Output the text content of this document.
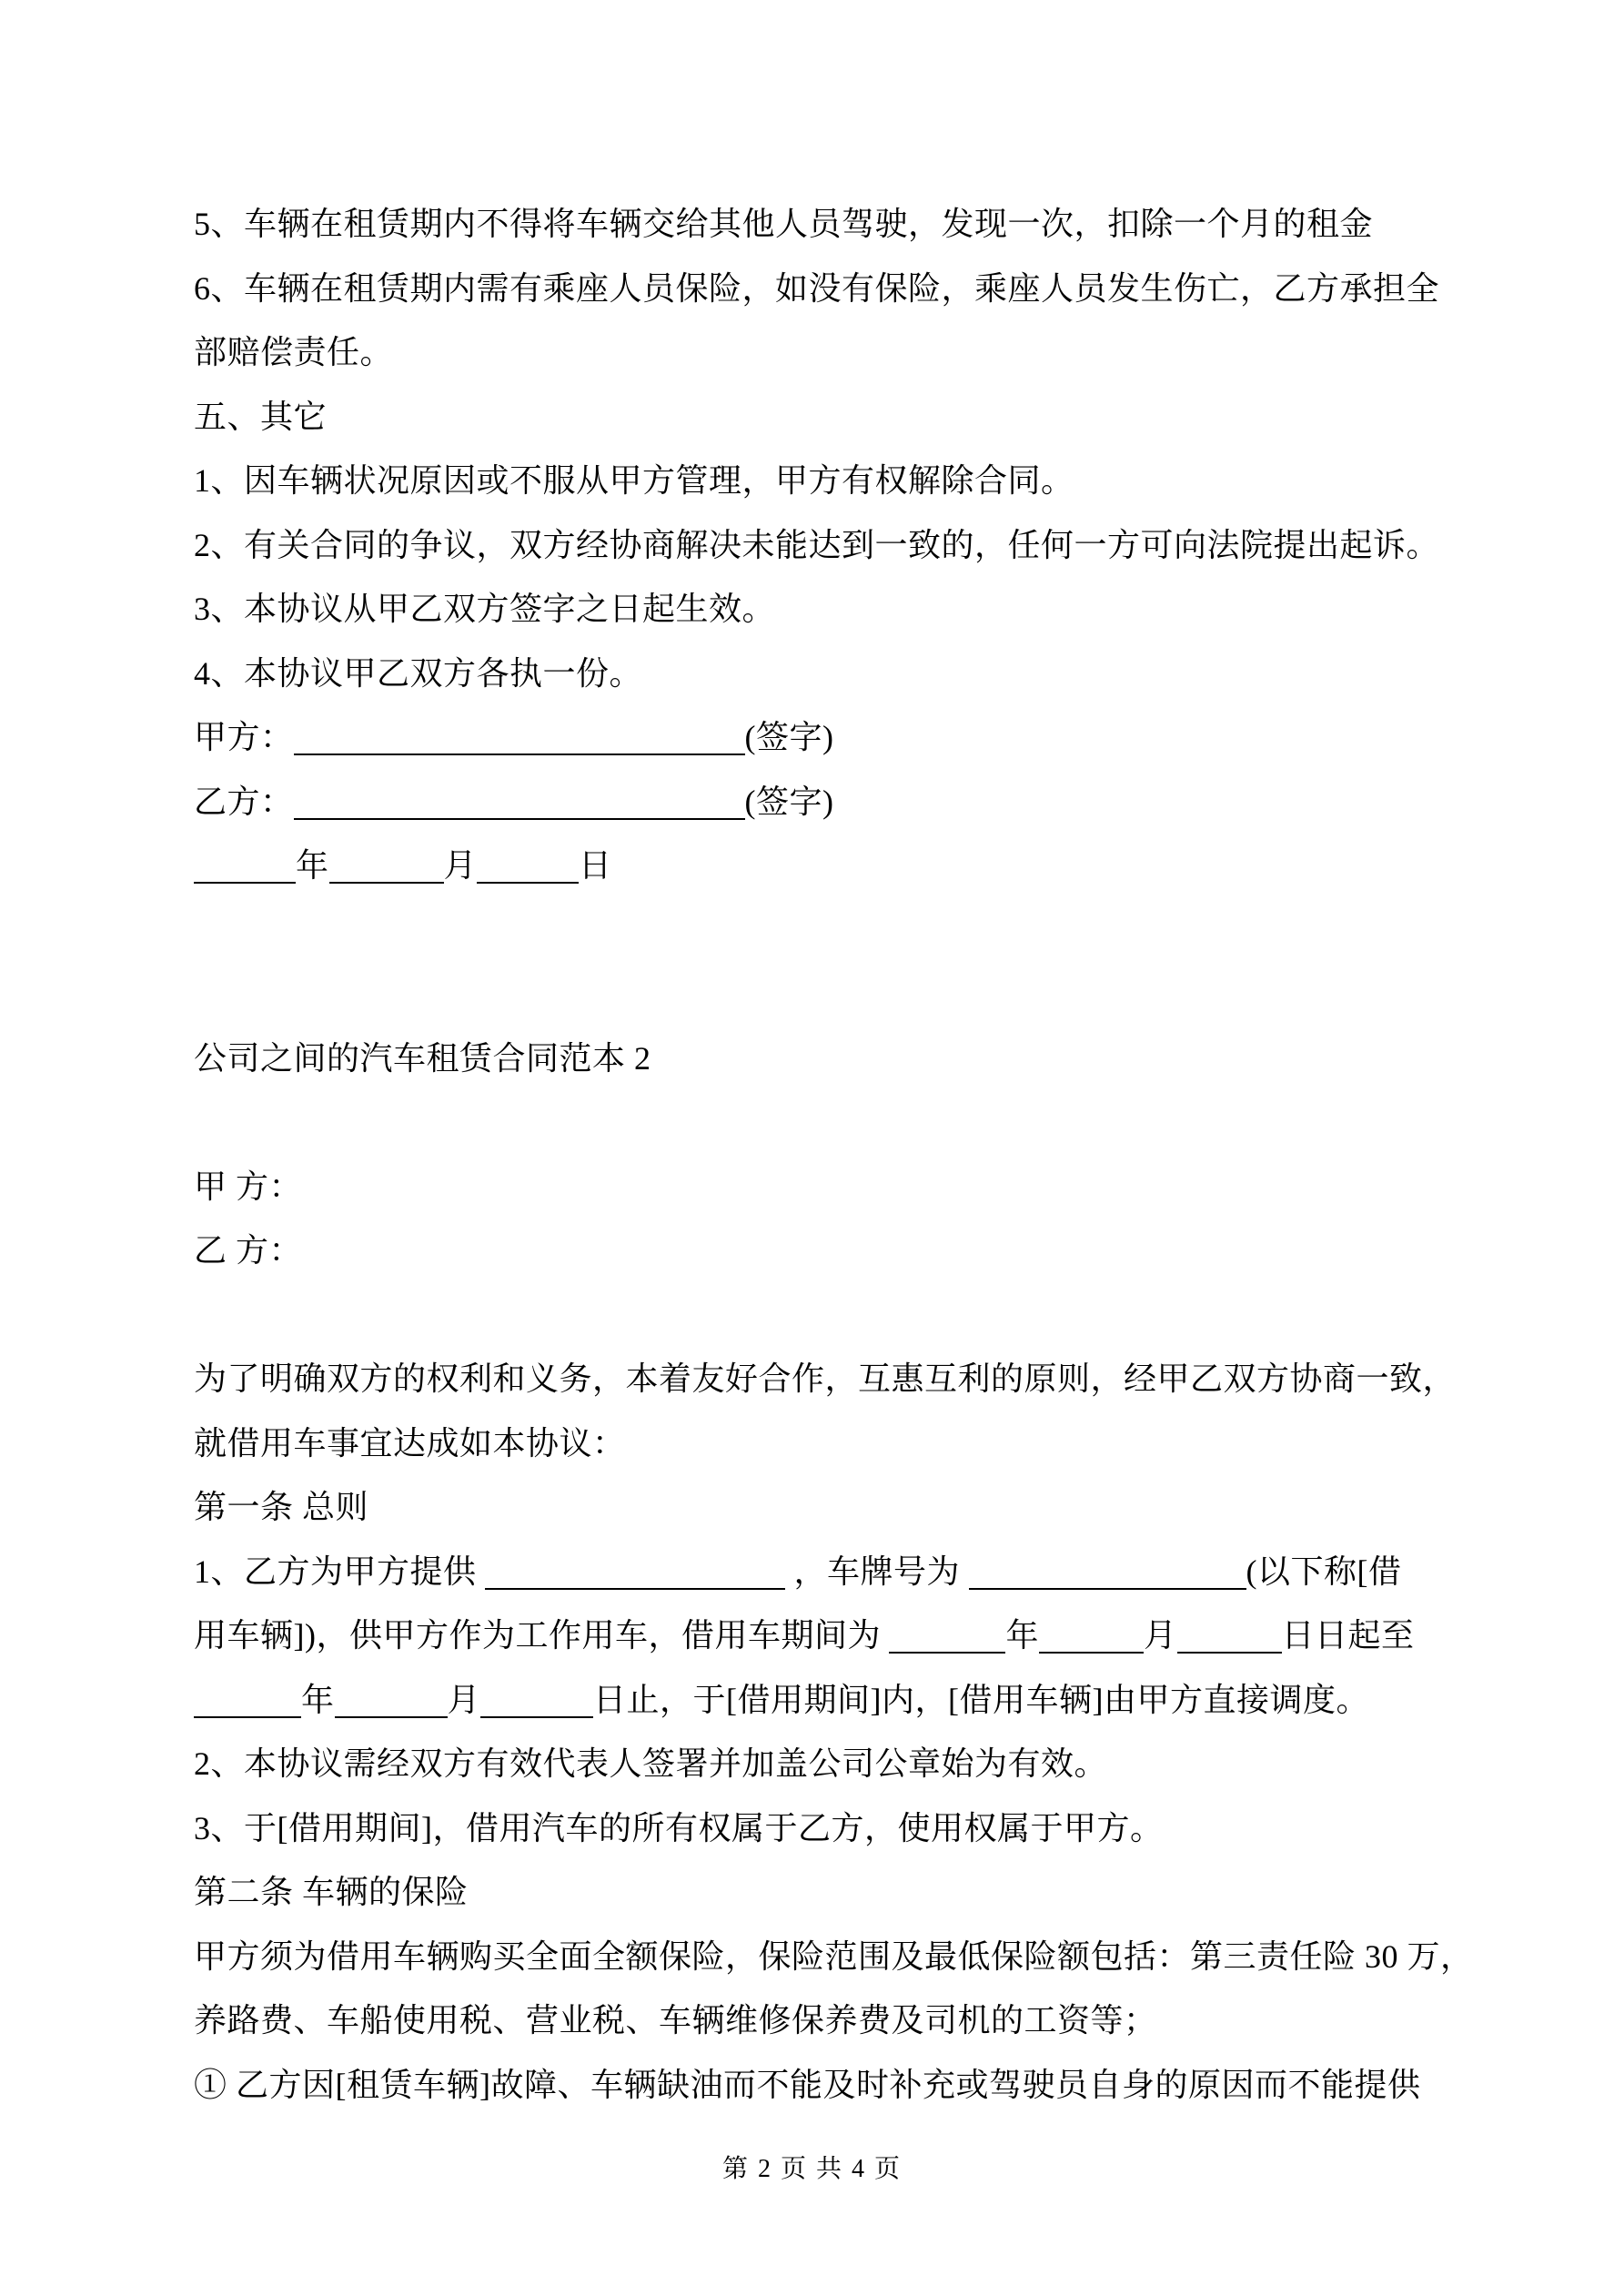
5、车辆在租赁期内不得将车辆交给其他人员驾驶，发现一次，扣除一个月的租金
6、车辆在租赁期内需有乘座人员保险，如没有保险，乘座人员发生伤亡，乙方承担全
部赔偿责任。
五、其它
1、因车辆状况原因或不服从甲方管理，甲方有权解除合同。
2、有关合同的争议，双方经协商解决未能达到一致的，任何一方可向法院提出起诉。
3、本协议从甲乙双方签字之日起生效。
4、本协议甲乙双方各执一份。
甲方：	(签字)
乙方：	(签字)
年	月	日
公司之间的汽车租赁合同范本 2
甲 方：
乙 方：
为了明确双方的权利和义务，本着友好合作，互惠互利的原则，经甲乙双方协商一致，
就借用车事宜达成如本协议：
第一条 总则
1、乙方为甲方提供	，车牌号为	(以下称[借
用车辆])，供甲方作为工作用车，借用车期间为	年	月	日日起至
年	月	日止，于[借用期间]内，[借用车辆]由甲方直接调度。
2、本协议需经双方有效代表人签署并加盖公司公章始为有效。
3、于[借用期间]，借用汽车的所有权属于乙方，使用权属于甲方。
第二条 车辆的保险
甲方须为借用车辆购买全面全额保险，保险范围及最低保险额包括：第三责任险 30 万，
养路费、车船使用税、营业税、车辆维修保养费及司机的工资等；
① 乙方因[租赁车辆]故障、车辆缺油而不能及时补充或驾驶员自身的原因而不能提供
第 2 页 共 4 页
